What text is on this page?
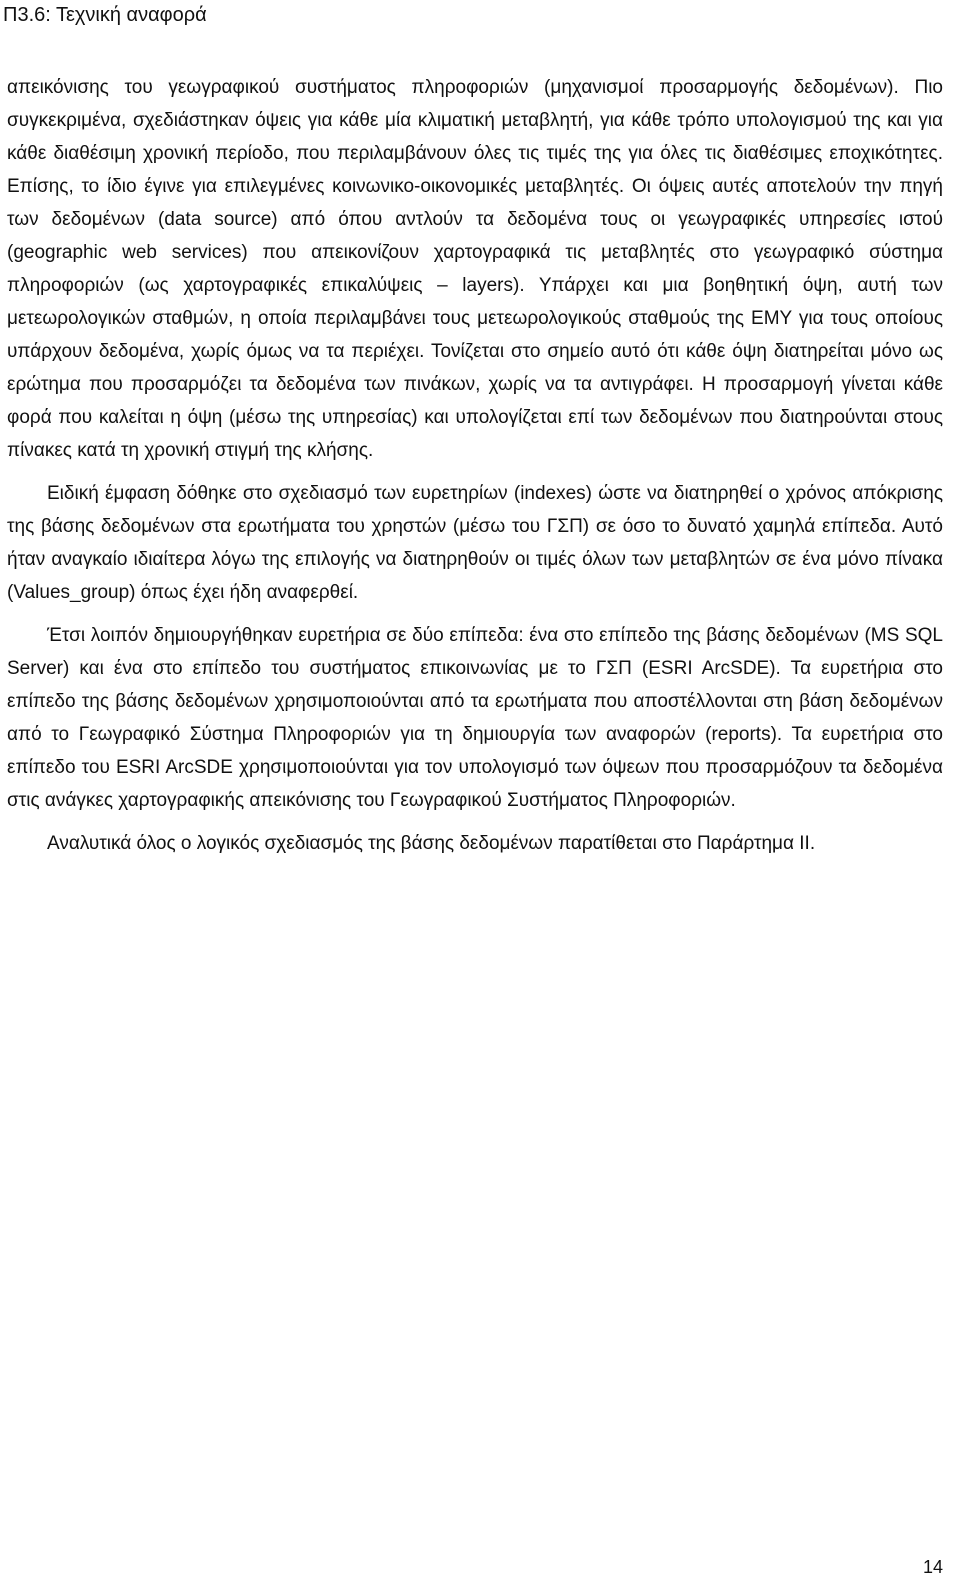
Π3.6: Τεχνική αναφορά

απεικόνισης του γεωγραφικού συστήματος πληροφοριών (μηχανισμοί προσαρμογής δεδομένων). Πιο συγκεκριμένα, σχεδιάστηκαν όψεις για κάθε μία κλιματική μεταβλητή, για κάθε τρόπο υπολογισμού της και για κάθε διαθέσιμη χρονική περίοδο, που περιλαμβάνουν όλες τις τιμές της για όλες τις διαθέσιμες εποχικότητες. Επίσης, το ίδιο έγινε για επιλεγμένες κοινωνικο-οικονομικές μεταβλητές. Οι όψεις αυτές αποτελούν την πηγή των δεδομένων (data source) από όπου αντλούν τα δεδομένα τους οι γεωγραφικές υπηρεσίες ιστού (geographic web services) που απεικονίζουν χαρτογραφικά τις μεταβλητές στο γεωγραφικό σύστημα πληροφοριών (ως χαρτογραφικές επικαλύψεις – layers). Υπάρχει και μια βοηθητική όψη, αυτή των μετεωρολογικών σταθμών, η οποία περιλαμβάνει τους μετεωρολογικούς σταθμούς της ΕΜΥ για τους οποίους υπάρχουν δεδομένα, χωρίς όμως να τα περιέχει. Τονίζεται στο σημείο αυτό ότι κάθε όψη διατηρείται μόνο ως ερώτημα που προσαρμόζει τα δεδομένα των πινάκων, χωρίς να τα αντιγράφει. Η προσαρμογή γίνεται κάθε φορά που καλείται η όψη (μέσω της υπηρεσίας) και υπολογίζεται επί των δεδομένων που διατηρούνται στους πίνακες κατά τη χρονική στιγμή της κλήσης.

Ειδική έμφαση δόθηκε στο σχεδιασμό των ευρετηρίων (indexes) ώστε να διατηρηθεί ο χρόνος απόκρισης της βάσης δεδομένων στα ερωτήματα του χρηστών (μέσω του ΓΣΠ) σε όσο το δυνατό χαμηλά επίπεδα. Αυτό ήταν αναγκαίο ιδιαίτερα λόγω της επιλογής να διατηρηθούν οι τιμές όλων των μεταβλητών σε ένα μόνο πίνακα (Values_group) όπως έχει ήδη αναφερθεί.

Έτσι λοιπόν δημιουργήθηκαν ευρετήρια σε δύο επίπεδα: ένα στο επίπεδο της βάσης δεδομένων (MS SQL Server) και ένα στο επίπεδο του συστήματος επικοινωνίας με το ΓΣΠ (ESRI ArcSDE). Τα ευρετήρια στο επίπεδο της βάσης δεδομένων χρησιμοποιούνται από τα ερωτήματα που αποστέλλονται στη βάση δεδομένων από το Γεωγραφικό Σύστημα Πληροφοριών για τη δημιουργία των αναφορών (reports). Τα ευρετήρια στο επίπεδο του ESRI ArcSDE χρησιμοποιούνται για τον υπολογισμό των όψεων που προσαρμόζουν τα δεδομένα στις ανάγκες χαρτογραφικής απεικόνισης του Γεωγραφικού Συστήματος Πληροφοριών.

Αναλυτικά όλος ο λογικός σχεδιασμός της βάσης δεδομένων παρατίθεται στο Παράρτημα ΙΙ.

14
